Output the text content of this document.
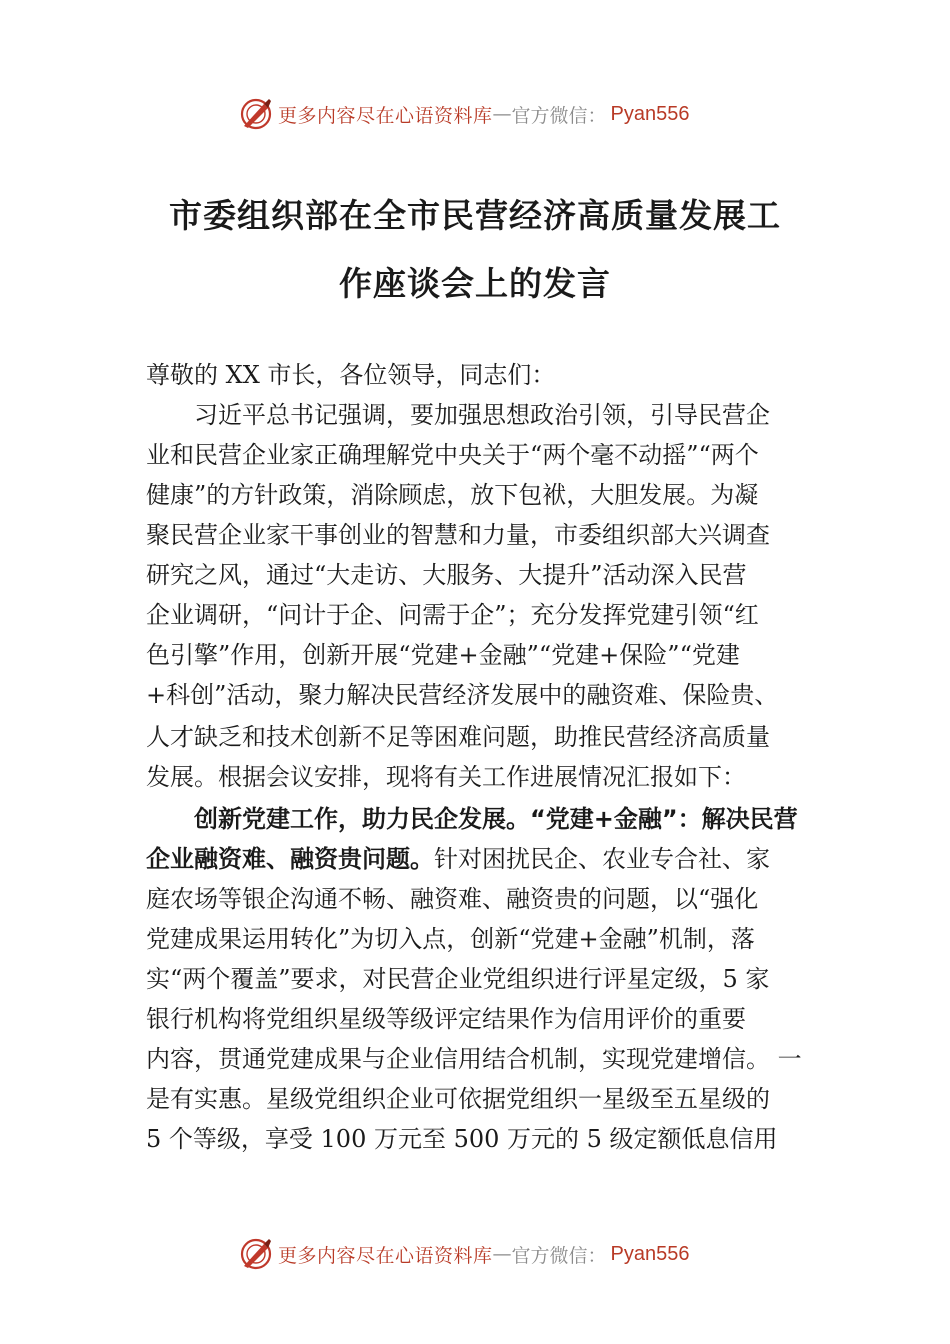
更多内容尽在心语资料库 — 官方微信： Pyan556
市委组织部在全市民营经济高质量发展工
作座谈会上的发言
尊敬的 XX 市长，各位领导，同志们：
习近平总书记强调，要加强思想政治引领，引导民营企
业和民营企业家正确理解党中央关于“两个毫不动摇”“两个
健康”的方针政策，消除顾虑，放下包袱，大胆发展。为凝
聚民营企业家干事创业的智慧和力量，市委组织部大兴调查
研究之风，通过“大走访、大服务、大提升”活动深入民营
企业调研，“问计于企、问需于企”；充分发挥党建引领“红
色引擎”作用，创新开展“党建+金融”“党建+保险”“党建
+科创”活动，聚力解决民营经济发展中的融资难、保险贵、
人才缺乏和技术创新不足等困难问题，助推民营经济高质量
发展。根据会议安排，现将有关工作进展情况汇报如下：
创新党建工作，助力民企发展。“党建+金融”：解决民营
企业融资难、融资贵问题。针对困扰民企、农业专合社、家
庭农场等银企沟通不畅、融资难、融资贵的问题，以“强化
党建成果运用转化”为切入点，创新“党建+金融”机制，落
实“两个覆盖”要求，对民营企业党组织进行评星定级，5 家
银行机构将党组织星级等级评定结果作为信用评价的重要
内容，贯通党建成果与企业信用结合机制，实现党建增信。 一
是有实惠。星级党组织企业可依据党组织一星级至五星级的
5 个等级，享受 100 万元至 500 万元的 5 级定额低息信用
更多内容尽在心语资料库 — 官方微信： Pyan556
